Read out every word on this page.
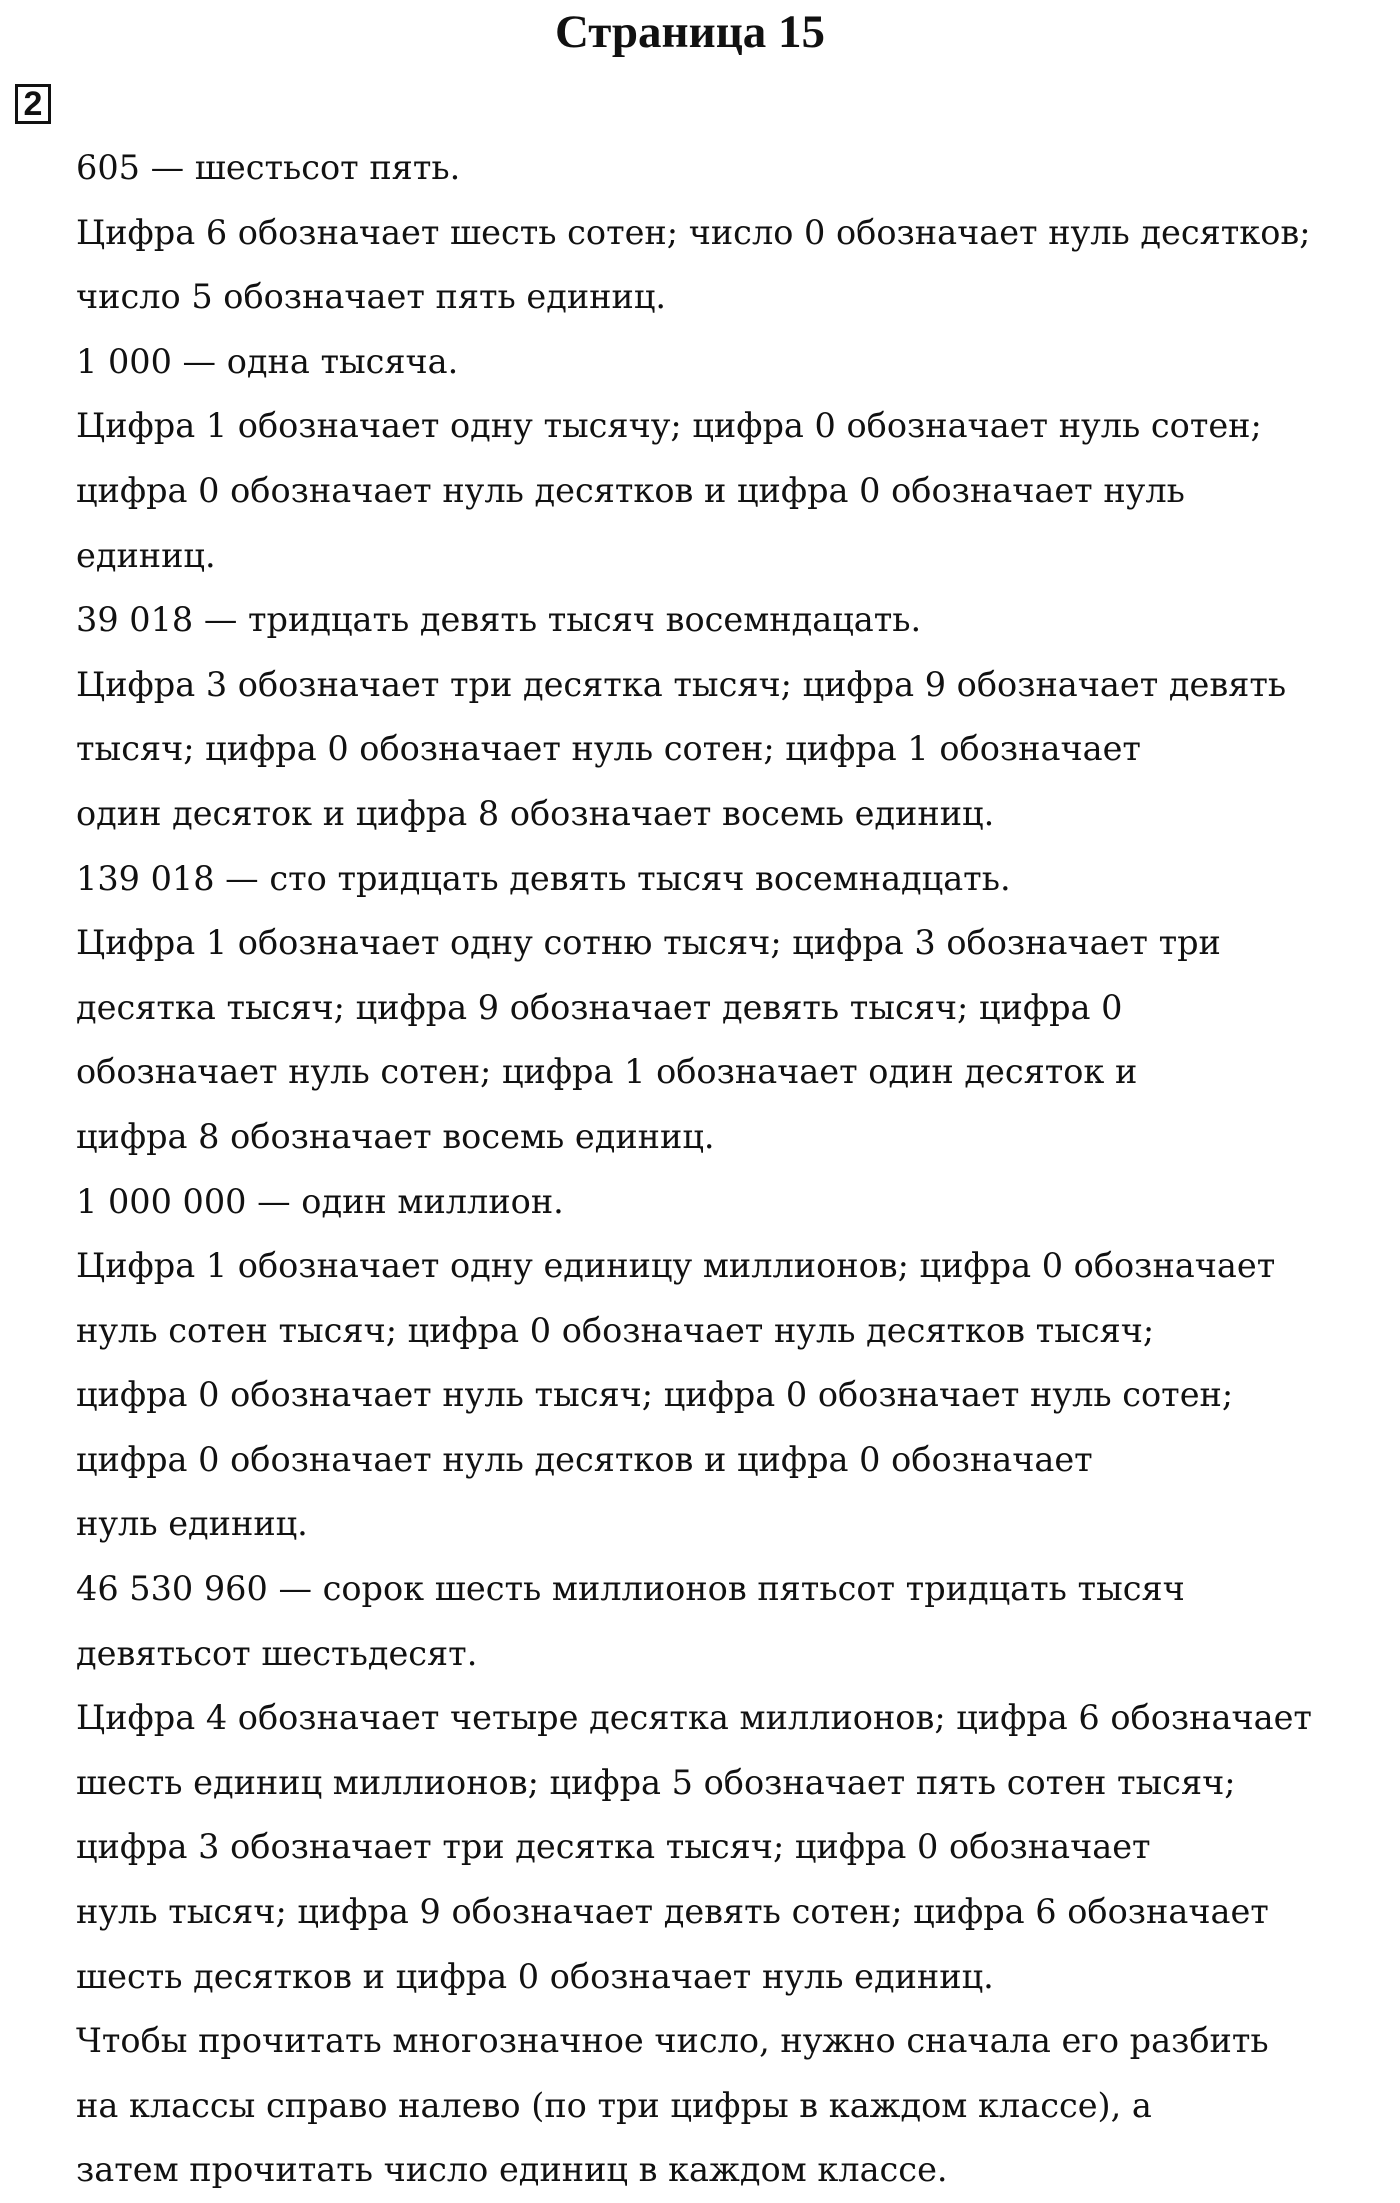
Страница 15
2
605 — шестьсот пять.
Цифра 6 обозначает шесть сотен; число 0 обозначает нуль десятков;
число 5 обозначает пять единиц.
1 000 — одна тысяча.
Цифра 1 обозначает одну тысячу; цифра 0 обозначает нуль сотен;
цифра 0 обозначает нуль десятков и цифра 0 обозначает нуль
единиц.
39 018 — тридцать девять тысяч восемндацать.
Цифра 3 обозначает три десятка тысяч; цифра 9 обозначает девять
тысяч; цифра 0 обозначает нуль сотен; цифра 1 обозначает
один десяток и цифра 8 обозначает восемь единиц.
139 018 — сто тридцать девять тысяч восемнадцать.
Цифра 1 обозначает одну сотню тысяч; цифра 3 обозначает три
десятка тысяч; цифра 9 обозначает девять тысяч; цифра 0
обозначает нуль сотен; цифра 1 обозначает один десяток и
цифра 8 обозначает восемь единиц.
1 000 000 — один миллион.
Цифра 1 обозначает одну единицу миллионов; цифра 0 обозначает
нуль сотен тысяч; цифра 0 обозначает нуль десятков тысяч;
цифра 0 обозначает нуль тысяч; цифра 0 обозначает нуль сотен;
цифра 0 обозначает нуль десятков и цифра 0 обозначает
нуль единиц.
46 530 960 — сорок шесть миллионов пятьсот тридцать тысяч
девятьсот шестьдесят.
Цифра 4 обозначает четыре десятка миллионов; цифра 6 обозначает
шесть единиц миллионов; цифра 5 обозначает пять сотен тысяч;
цифра 3 обозначает три десятка тысяч; цифра 0 обозначает
нуль тысяч; цифра 9 обозначает девять сотен; цифра 6 обозначает
шесть десятков и цифра 0 обозначает нуль единиц.
Чтобы прочитать многозначное число, нужно сначала его разбить
на классы справо налево (по три цифры в каждом классе), а
затем прочитать число единиц в каждом классе.
